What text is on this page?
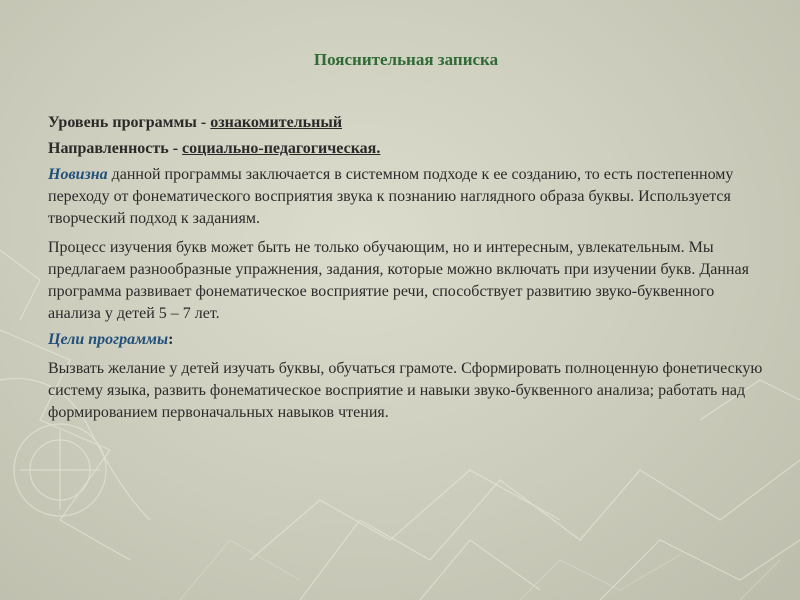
Пояснительная записка

Уровень программы - ознакомительный

Направленность - социально-педагогическая.

Новизна данной программы заключается в системном подходе к ее созданию, то есть постепенному переходу от фонематического восприятия звука к познанию наглядного образа буквы. Используется творческий подход к заданиям.

Процесс изучения букв может быть не только обучающим, но и интересным, увлекательным. Мы предлагаем разнообразные упражнения, задания, которые можно включать при изучении букв. Данная программа развивает фонематическое восприятие речи, способствует развитию звуко-буквенного анализа у детей 5 – 7 лет.

Цели программы:

Вызвать желание у детей изучать буквы, обучаться грамоте. Сформировать полноценную фонетическую систему языка, развить фонематическое восприятие и навыки звуко-буквенного анализа; работать над формированием первоначальных навыков чтения.
